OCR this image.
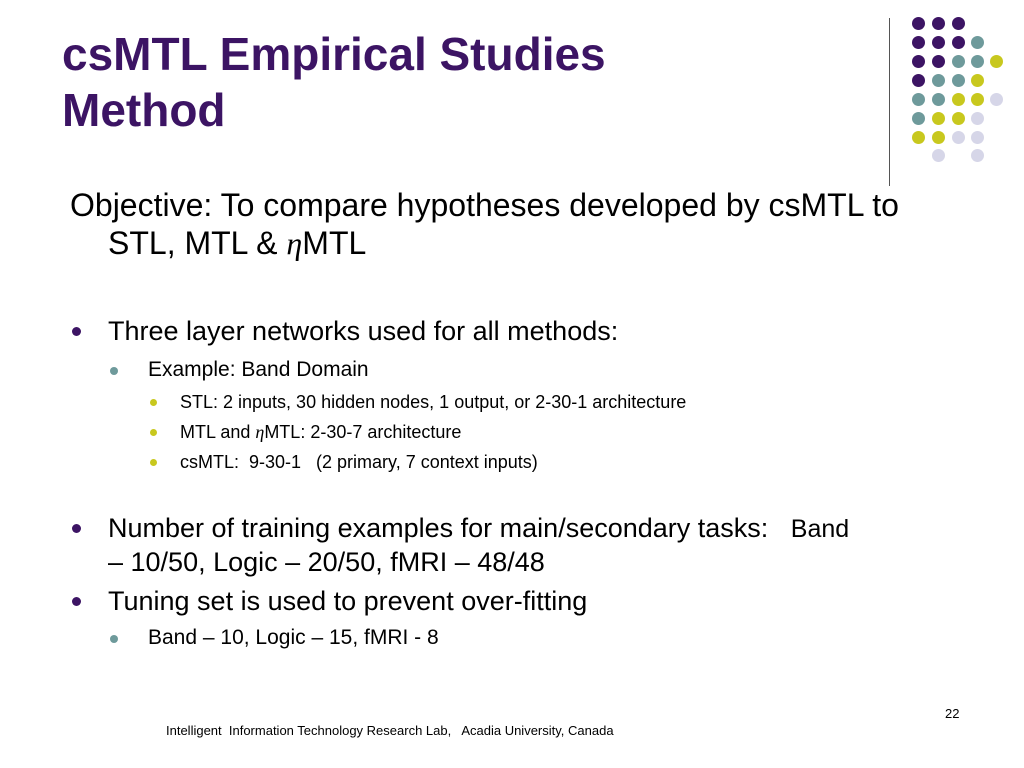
csMTL Empirical Studies
Method
Objective: To compare hypotheses developed by csMTL to STL, MTL & ηMTL
Three layer networks used for all methods:
Example: Band Domain
STL: 2 inputs, 30 hidden nodes, 1 output, or 2-30-1 architecture
MTL and ηMTL: 2-30-7 architecture
csMTL:  9-30-1   (2 primary, 7 context inputs)
Number of training examples for main/secondary tasks:   Band
– 10/50, Logic – 20/50, fMRI – 48/48
Tuning set is used to prevent over-fitting
Band – 10, Logic – 15, fMRI - 8
22
Intelligent  Information Technology Research Lab,   Acadia University, Canada
